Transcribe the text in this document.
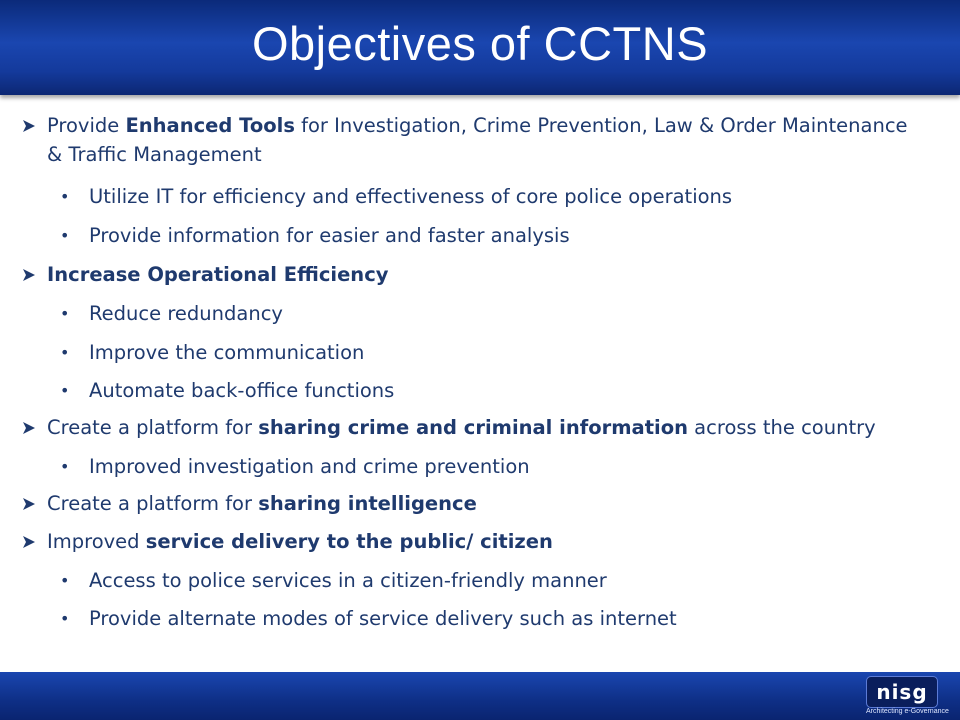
Objectives of CCTNS
Provide Enhanced Tools for Investigation, Crime Prevention, Law & Order Maintenance & Traffic Management
• Utilize IT for efficiency and effectiveness of core police operations
• Provide information for easier and faster analysis
Increase Operational Efficiency
• Reduce redundancy
• Improve the communication
• Automate back-office functions
Create a platform for sharing crime and criminal information across the country
• Improved investigation and crime prevention
Create a platform for sharing intelligence
Improved service delivery to the public/ citizen
• Access to police services in a citizen-friendly manner
• Provide alternate modes of service delivery such as internet
nisg
Architecting e-Governance
